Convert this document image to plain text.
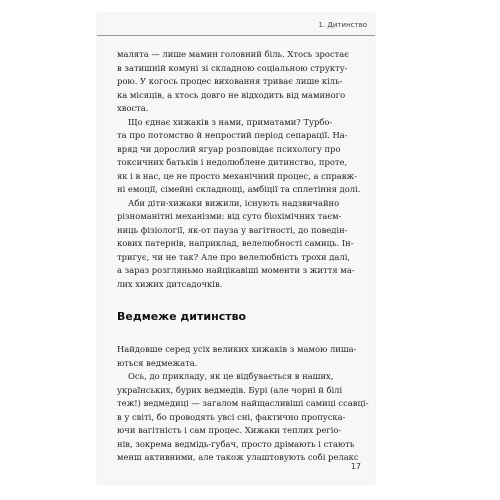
1. Дитинство
малята — лише мамин головний біль. Хтось зростає
в затишній комуні зі складною соціальною структу-
рою. У когось процес виховання триває лише кіль-
ка місяців, а хтось довго не відходить від маминого
хвоста.
Що єднає хижаків з нами, приматами? Турбо-
та про потомство й непростий період сепарації. На-
вряд чи дорослий ягуар розповідає психологу про
токсичних батьків і недолюблене дитинство, проте,
як і в нас, це не просто механічний процес, а справж-
ні емоції, сімейні складнощі, амбіції та сплетіння долі.
Аби діти-хижаки вижили, існують надзвичайно
різноманітні механізми: від суто біохімічних таєм-
ниць фізіології, як-от пауза у вагітності, до поведін-
кових патернів, наприклад, велелюбності самиць. Ін-
тригує, чи не так? Але про велелюбність трохи далі,
а зараз розгляньмо найцікавіші моменти з життя ма-
лих хижих дитсадочків.
Ведмеже дитинство
Найдовше серед усіх великих хижаків з мамою лиша-
ються ведмежата.
Ось, до прикладу, як це відбувається в наших,
українських, бурих ведмедів. Бурі (але чорні й білі
теж!) ведмедиці — загалом найщасливіші самиці ссавці-
в у світі, бо проводять увсі сні, фактично пропуска-
ючи вагітність і сам процес. Хижаки теплих регіо-
нів, зокрема ведмідь-губач, просто дрімають і стають
менш активними, але також улаштовують собі релакс
17
